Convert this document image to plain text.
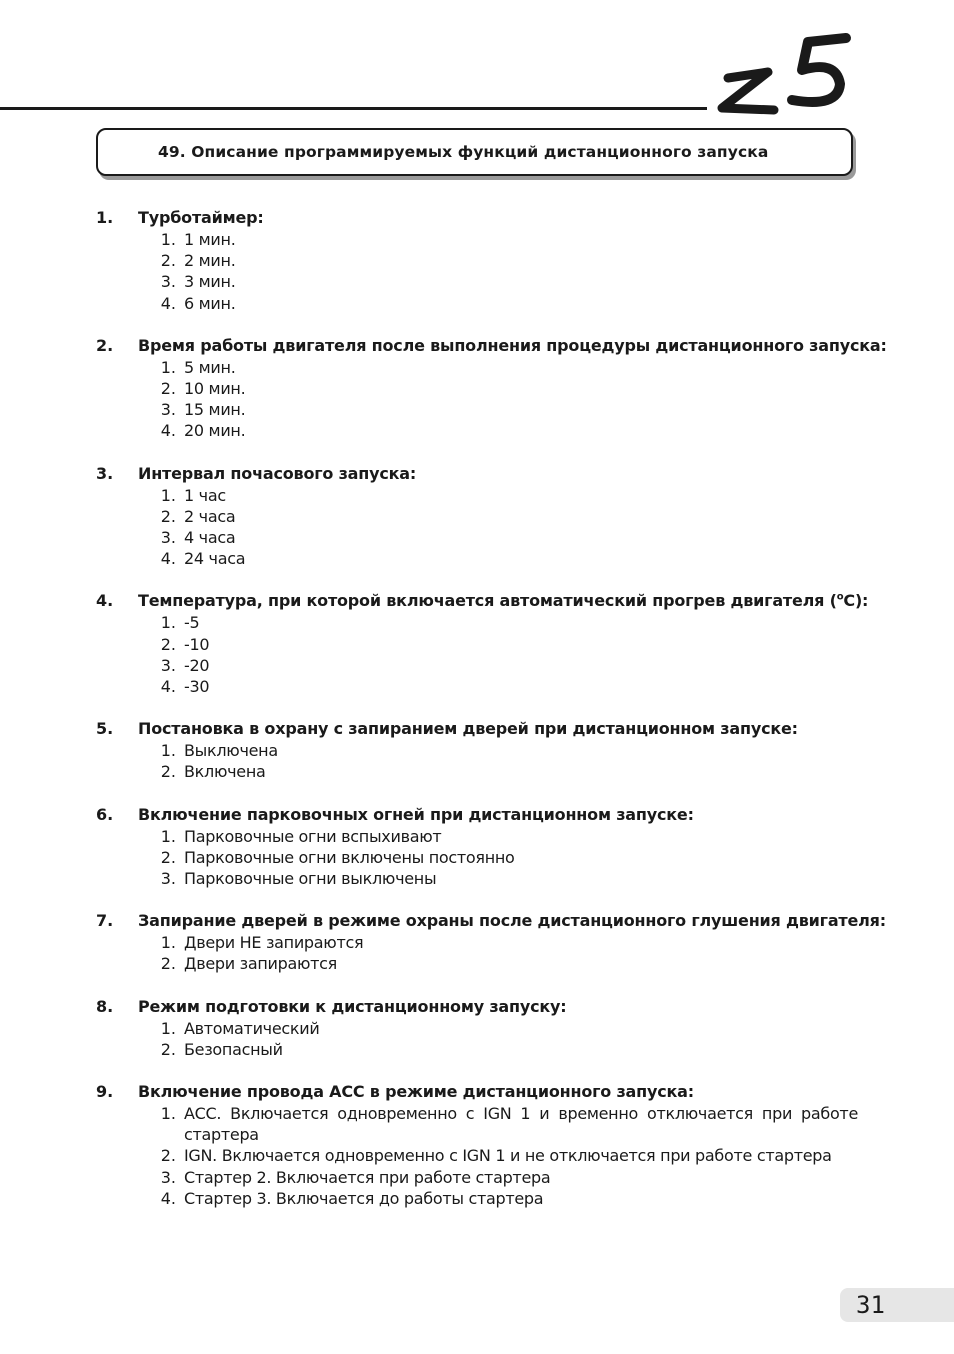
49. Описание программируемых функций дистанционного запуска
1.	Турботаймер:
1. 1 мин.
2. 2 мин.
3. 3 мин.
4. 6 мин.
2.	Время работы двигателя после выполнения процедуры дистанционного запуска:
1. 5 мин.
2. 10 мин.
3. 15 мин.
4. 20 мин.
3.	Интервал почасового запуска:
1. 1 час
2. 2 часа
3. 4 часа
4. 24 часа
4.	Температура, при которой включается автоматический прогрев двигателя ($^o$C):
1. -5
2. -10
3. -20
4. -30
5.	Постановка в охрану с запиранием дверей при дистанционном запуске:
1. Выключена
2. Включена
6.	Включение парковочных огней при дистанционном запуске:
1. Парковочные огни вспыхивают
2. Парковочные огни включены постоянно
3. Парковочные огни выключены
7.	Запирание дверей в режиме охраны после дистанционного глушения двигателя:
1. Двери НЕ запираются
2. Двери запираются
8.	Режим подготовки к дистанционному запуску:
1. Автоматический
2. Безопасный
9.	Включение провода АСС в режиме дистанционного запуска:
1. АСС. Включается одновременно с IGN 1 и временно отключается при работе стартера
2. IGN. Включается одновременно с IGN 1 и не отключается при работе стартера
3. Стартер 2. Включается при работе стартера
4. Стартер 3. Включается до работы стартера
31
